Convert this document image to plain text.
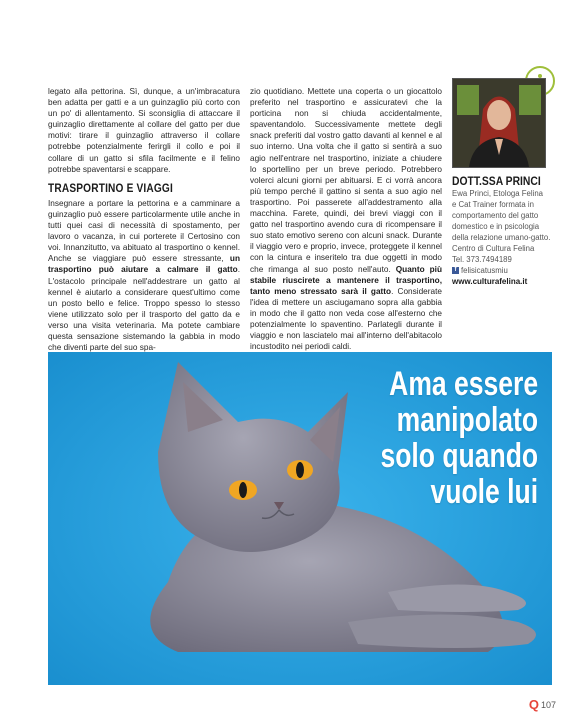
legato alla pettorina. Sì, dunque, a un'imbracatura ben adatta per gatti e a un guinzaglio più corto con un po' di allentamento. Si sconsiglia di attaccare il guinzaglio direttamente al collare del gatto per due motivi: tirare il guinzaglio attraverso il collare potrebbe potenzialmente ferirgli il collo e poi il collare di un gatto si sfila facilmente e il felino potrebbe spaventarsi e scappare.

TRASPORTINO E VIAGGI

Insegnare a portare la pettorina e a camminare a guinzaglio può essere particolarmente utile anche in tutti quei casi di necessità di spostamento, per lavoro o vacanza, in cui porterete il Certosino con voi. Innanzitutto, va abituato al trasportino o kennel. Anche se viaggiare può essere stressante, un trasportino può aiutare a calmare il gatto. L'ostacolo principale nell'addestrare un gatto al kennel è aiutarlo a considerare quest'ultimo come un posto bello e felice. Troppo spesso lo stesso viene utilizzato solo per il trasporto del gatto da e verso una visita veterinaria. Ma potete cambiare questa sensazione sistemando la gabbia in modo che diventi parte del suo spa-

zio quotidiano. Mettete una coperta o un giocattolo preferito nel trasportino e assicuratevi che la porticina non si chiuda accidentalmente, spaventandolo. Successivamente mettete degli snack preferiti dal vostro gatto davanti al kennel e al suo interno. Una volta che il gatto si sentirà a suo agio nell'entrare nel trasportino, iniziate a chiudere lo sportellino per un breve periodo. Potrebbero volerci alcuni giorni per abituarsi. E ci vorrà ancora più tempo perché il gattino si senta a suo agio nel trasportino. Poi passerete all'addestramento alla macchina. Farete, quindi, dei brevi viaggi con il gatto nel trasportino avendo cura di ricompensare il suo stato emotivo sereno con alcuni snack. Durante il viaggio vero e proprio, invece, proteggete il kennel con la cintura e inseritelo tra due oggetti in modo che rimanga al suo posto nell'auto. Quanto più stabile riuscirete a mantenere il trasportino, tanto meno stressato sarà il gatto. Considerate l'idea di mettere un asciugamano sopra alla gabbia in modo che il gatto non veda cose all'esterno che potenzialmente lo spaventino. Parlategli durante il viaggio e non lasciatelo mai all'interno dell'abitacolo incustodito nei periodi caldi.

DOTT.SSA PRINCI

Ewa Princi, Etologa Felina

e Cat Trainer formata in

comportamento del gatto

domestico e in psicologia

della relazione umano-gatto.

Centro di Cultura Felina

Tel. 373.7494189

f felisicatusmiu

www.culturafelina.it
Ama essere
manipolato
solo quando
vuole lui
Q 107
